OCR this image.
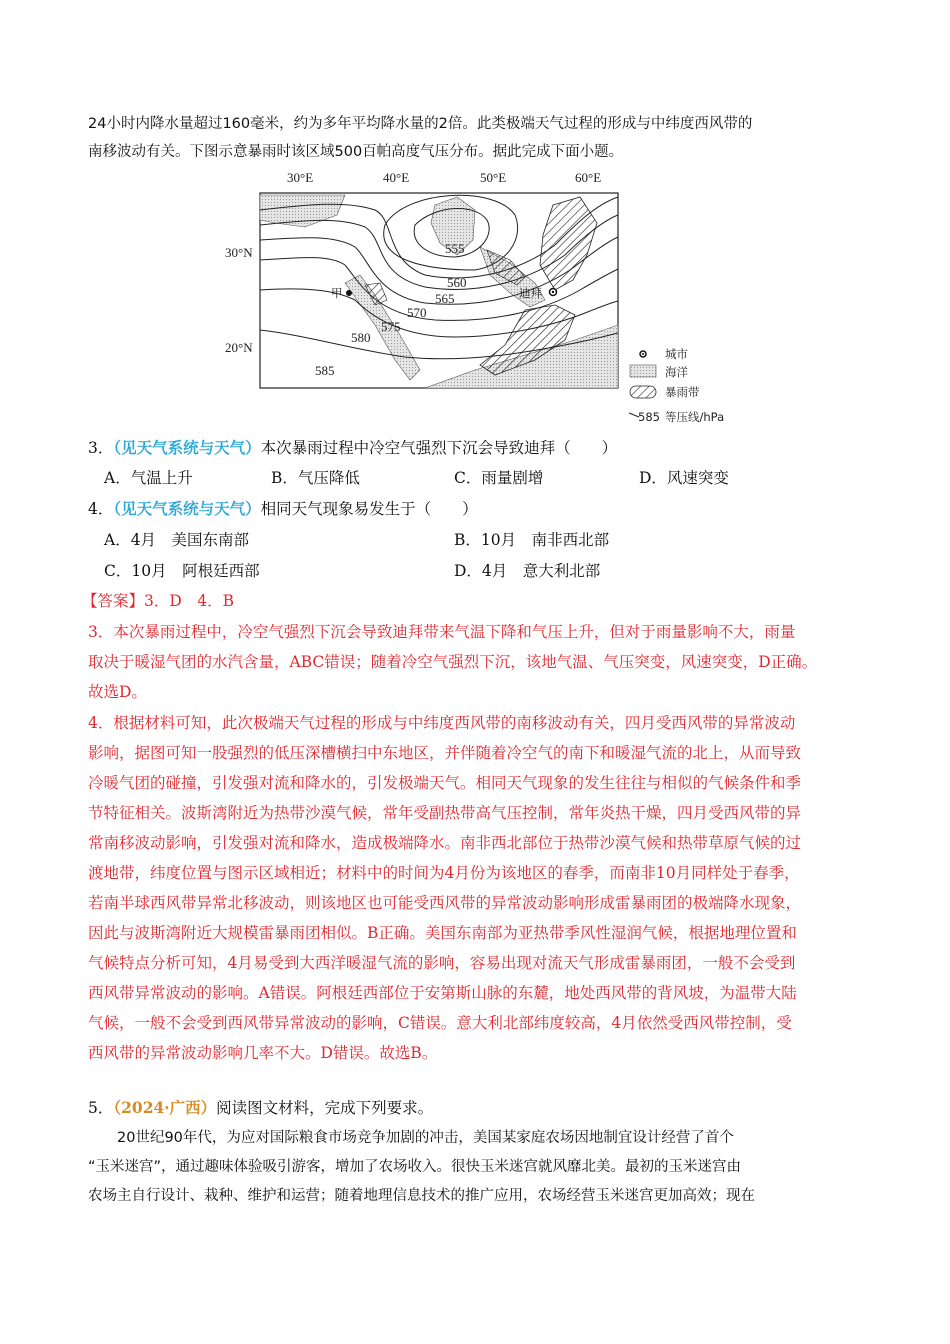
24小时内降水量超过160毫米，约为多年平均降水量的2倍。此类极端天气过程的形成与中纬度西风带的
南移波动有关。下图示意暴雨时该区域500百帕高度气压分布。据此完成下面小题。
30°E	40°E	50°E	60°E
30°N
20°N
555
560
565
570
575
580
585
甲	迪拜
城市
海洋
暴雨带
585 等压线/hPa
3．（见天气系统与天气）本次暴雨过程中冷空气强烈下沉会导致迪拜（　　）
A．气温上升	B．气压降低	C．雨量剧增	D．风速突变
4．（见天气系统与天气）相同天气现象易发生于（　　）
A．4月　美国东南部	B．10月　南非西北部
C．10月　阿根廷西部	D．4月　意大利北部
【答案】3．D　4．B
3．本次暴雨过程中，冷空气强烈下沉会导致迪拜带来气温下降和气压上升，但对于雨量影响不大，雨量
取决于暖湿气团的水汽含量，ABC错误；随着冷空气强烈下沉，该地气温、气压突变，风速突变，D正确。
故选D。
4．根据材料可知，此次极端天气过程的形成与中纬度西风带的南移波动有关，四月受西风带的异常波动
影响，据图可知一股强烈的低压深槽横扫中东地区，并伴随着冷空气的南下和暖湿气流的北上，从而导致
冷暖气团的碰撞，引发强对流和降水的，引发极端天气。相同天气现象的发生往往与相似的气候条件和季
节特征相关。波斯湾附近为热带沙漠气候，常年受副热带高气压控制，常年炎热干燥，四月受西风带的异
常南移波动影响，引发强对流和降水，造成极端降水。南非西北部位于热带沙漠气候和热带草原气候的过
渡地带，纬度位置与图示区域相近；材料中的时间为4月份为该地区的春季，而南非10月同样处于春季，
若南半球西风带异常北移波动，则该地区也可能受西风带的异常波动影响形成雷暴雨团的极端降水现象，
因此与波斯湾附近大规模雷暴雨团相似。B正确。美国东南部为亚热带季风性湿润气候，根据地理位置和
气候特点分析可知，4月易受到大西洋暖湿气流的影响，容易出现对流天气形成雷暴雨团，一般不会受到
西风带异常波动的影响。A错误。阿根廷西部位于安第斯山脉的东麓，地处西风带的背风坡，为温带大陆
气候，一般不会受到西风带异常波动的影响，C错误。意大利北部纬度较高，4月依然受西风带控制，受
西风带的异常波动影响几率不大。D错误。故选B。
5．（2024·广西）阅读图文材料，完成下列要求。
　　20世纪90年代，为应对国际粮食市场竞争加剧的冲击，美国某家庭农场因地制宜设计经营了首个
“玉米迷宫”，通过趣味体验吸引游客，增加了农场收入。很快玉米迷宫就风靡北美。最初的玉米迷宫由
农场主自行设计、栽种、维护和运营；随着地理信息技术的推广应用，农场经营玉米迷宫更加高效；现在
